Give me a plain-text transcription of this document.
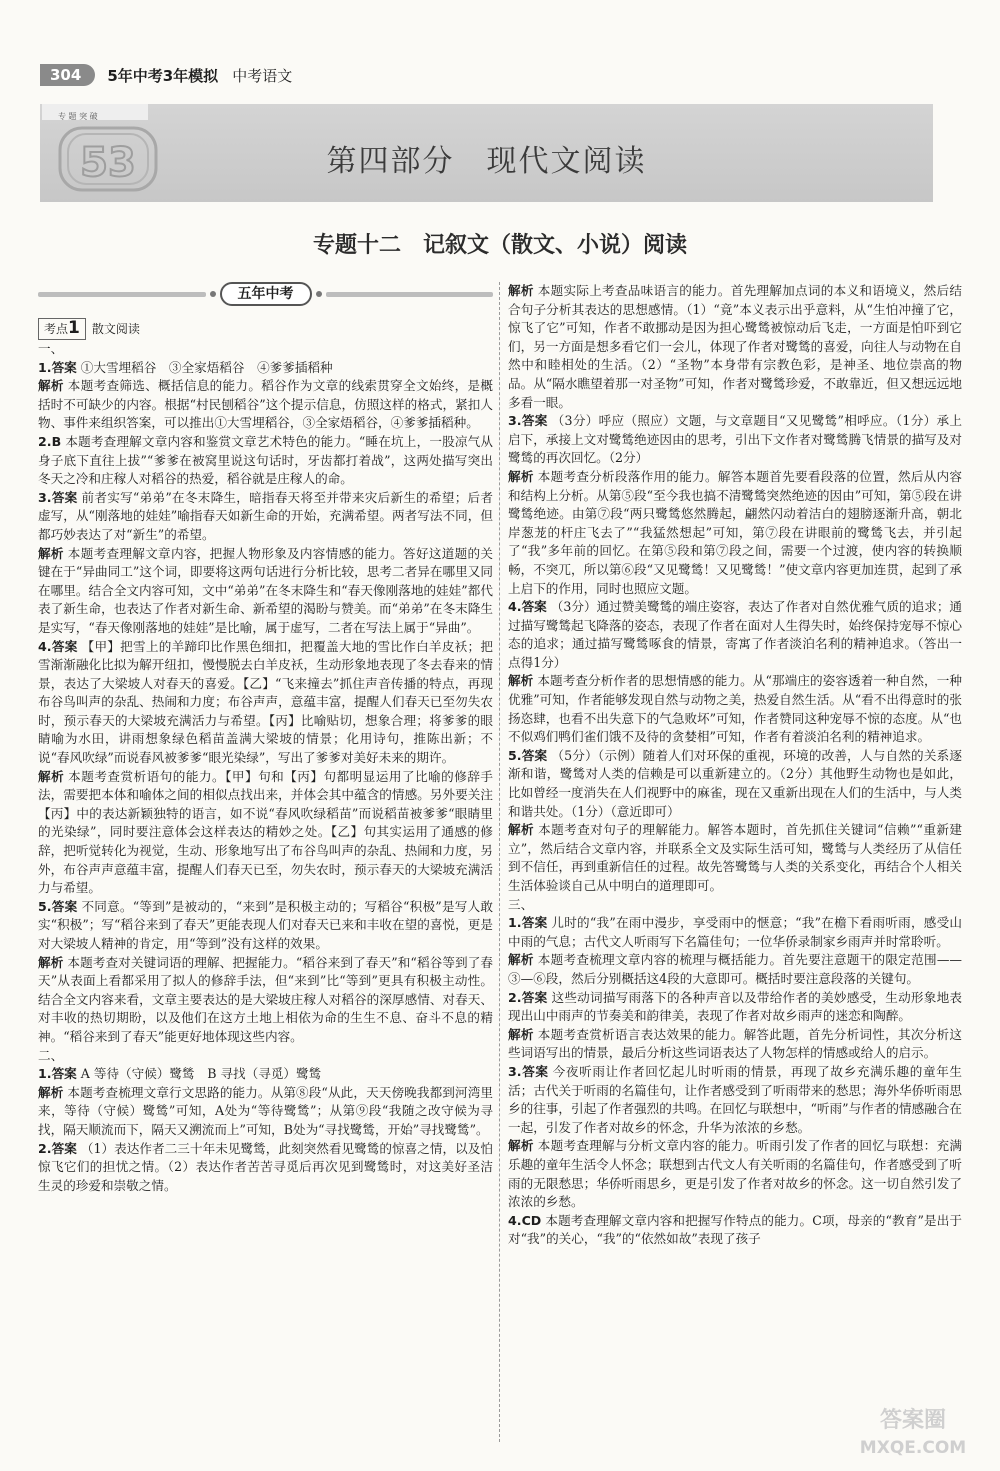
304	5年中考3年模拟 中考语文
专 题 突 破
53	第四部分　现代文阅读
专题十二　记叙文（散文、小说）阅读
五年中考
考点1	散文阅读

一、

1.答案 ①大雪埋稻谷　③全家焐稻谷　④爹爹插稻种

解析 本题考查筛选、概括信息的能力。稻谷作为文章的线索贯穿全文始终，是概括时不可缺少的内容。根据“村民刨稻谷”这个提示信息，仿照这样的格式，紧扣人物、事件来组织答案，可以推出①大雪埋稻谷，③全家焐稻谷，④爹爹插稻种。

2.B 本题考查理解文章内容和鉴赏文章艺术特色的能力。“睡在坑上，一股凉气从身子底下直往上拔”“爹爹在被窝里说这句话时，牙齿都打着战”，这两处描写突出冬天之冷和庄稼人对稻谷的热爱，稻谷就是庄稼人的命。

3.答案 前者实写“弟弟”在冬末降生，暗指春天将至并带来灾后新生的希望；后者虚写，从“刚落地的娃娃”喻指春天如新生命的开始，充满希望。两者写法不同，但都巧妙表达了对“新生”的希望。

解析 本题考查理解文章内容，把握人物形象及内容情感的能力。答好这道题的关键在于“异曲同工”这个词，即要将这两句话进行分析比较，思考二者异在哪里又同在哪里。结合全文内容可知，文中“弟弟”在冬末降生和“春天像刚落地的娃娃”都代表了新生命，也表达了作者对新生命、新希望的渴盼与赞美。而“弟弟”在冬末降生是实写，“春天像刚落地的娃娃”是比喻，属于虚写，二者在写法上属于“异曲”。

4.答案 【甲】把雪上的羊蹄印比作黑色细扣，把覆盖大地的雪比作白羊皮袄；把雪渐渐融化比拟为解开纽扣，慢慢脱去白羊皮袄，生动形象地表现了冬去春来的情景，表达了大梁坡人对春天的喜爱。【乙】“飞来撞去”抓住声音传播的特点，再现布谷鸟叫声的杂乱、热闹和力度；布谷声声，意蕴丰富，提醒人们春天已至勿失农时，预示春天的大梁坡充满活力与希望。【丙】比喻贴切，想象合理；将爹爹的眼睛喻为水田，讲雨想象绿色稻苗盖满大梁坡的情景；化用诗句，推陈出新；不说“春风吹绿”而说春风被爹爹“眼光染绿”，写出了爹爹对美好未来的期许。

解析 本题考查赏析语句的能力。【甲】句和【丙】句都明显运用了比喻的修辞手法，需要把本体和喻体之间的相似点找出来，并体会其中蕴含的情感。另外要关注【丙】中的表达新颖独特的语言，如不说“春风吹绿稻苗”而说稻苗被爹爹“眼睛里的光染绿”，同时要注意体会这样表达的精妙之处。【乙】句其实运用了通感的修辞，把听觉转化为视觉，生动、形象地写出了布谷鸟叫声的杂乱、热闹和力度，另外，布谷声声意蕴丰富，提醒人们春天已至，勿失农时，预示春天的大梁坡充满活力与希望。

5.答案 不同意。“等到”是被动的，“来到”是积极主动的；写稻谷“积极”是写人敢实“积极”；写“稻谷来到了春天”更能表现人们对春天已来和丰收在望的喜悦，更是对大梁坡人精神的肯定，用“等到”没有这样的效果。

解析 本题考查对关键词语的理解、把握能力。“稻谷来到了春天”和“稻谷等到了春天”从表面上看都采用了拟人的修辞手法，但“来到”比“等到”更具有积极主动性。结合全文内容来看，文章主要表达的是大梁坡庄稼人对稻谷的深厚感情、对春天、对丰收的热切期盼，以及他们在这方土地上相依为命的生生不息、奋斗不息的精神。“稻谷来到了春天”能更好地体现这些内容。

二、

1.答案 A 等待（守候）鹭鸶　B 寻找（寻觅）鹭鸶

解析 本题考查梳理文章行文思路的能力。从第⑧段“从此，天天傍晚我都到河湾里来，等待（守候）鹭鸶”可知，A处为“等待鹭鸶”；从第⑨段“我随之改守候为寻找，隔天顺流而下，隔天又溯流而上”可知，B处为“寻找鹭鸶，开始”寻找鹭鸶”。

2.答案 （1）表达作者二三十年未见鹭鸶，此刻突然看见鹭鸶的惊喜之情，以及怕惊飞它们的担忧之情。（2）表达作者苦苦寻觅后再次见到鹭鸶时，对这美好圣洁生灵的珍爱和崇敬之情。

解析 本题实际上考查品味语言的能力。首先理解加点词的本义和语境义，然后结合句子分析其表达的思想感情。（1）“竟”本义表示出乎意料，从“生怕冲撞了它，惊飞了它”可知，作者不敢挪动是因为担心鹭鸶被惊动后飞走，一方面是怕吓到它们，另一方面是想多看它们一会儿，体现了作者对鹭鸶的喜爱，向往人与动物在自然中和睦相处的生活。（2）“圣物”本身带有宗教色彩，是神圣、地位崇高的物品。从“隔水瞧望着那一对圣物”可知，作者对鹭鸶珍爱，不敢靠近，但又想远远地多看一眼。

3.答案 （3分）呼应（照应）文题，与文章题目“又见鹭鸶”相呼应。（1分）承上启下，承接上文对鹭鸶绝迹因由的思考，引出下文作者对鹭鸶腾飞情景的描写及对鹭鸶的再次回忆。（2分）

解析 本题考查分析段落作用的能力。解答本题首先要看段落的位置，然后从内容和结构上分析。从第⑤段“至今我也搞不清鹭鸶突然绝迹的因由”可知，第⑤段在讲鹭鸶绝迹。由第⑦段“两只鹭鸶悠然腾起，翩然闪动着洁白的翅膀逐渐升高，朝北岸葱茏的杆庄飞去了”“我猛然想起”可知，第⑦段在讲眼前的鹭鸶飞去，并引起了“我”多年前的回忆。在第⑤段和第⑦段之间，需要一个过渡，使内容的转换顺畅，不突兀，所以第⑥段“又见鹭鸶！又见鹭鸶！”使文章内容更加连贯，起到了承上启下的作用，同时也照应文题。

4.答案 （3分）通过赞美鹭鸶的端庄姿容，表达了作者对自然优雅气质的追求；通过描写鹭鸶起飞降落的姿态，表现了作者在面对人生得失时，始终保持宠辱不惊心态的追求；通过描写鹭鸶啄食的情景，寄寓了作者淡泊名利的精神追求。（答出一点得1分）

解析 本题考查分析作者的思想情感的能力。从“那端庄的姿容透着一种自然，一种优雅”可知，作者能够发现自然与动物之美，热爱自然生活。从“看不出得意时的张扬恣肆，也看不出失意下的气急败坏”可知，作者赞同这种宠辱不惊的态度。从“也不似鸡们鸭们雀们饿不及待的贪婪相”可知，作者有着淡泊名利的精神追求。

5.答案 （5分）（示例）随着人们对环保的重视，环境的改善，人与自然的关系逐渐和谐，鹭鸶对人类的信赖是可以重新建立的。（2分）其他野生动物也是如此，比如曾经一度消失在人们视野中的麻雀，现在又重新出现在人们的生活中，与人类和谐共处。（1分）（意近即可）

解析 本题考查对句子的理解能力。解答本题时，首先抓住关键词“信赖”“重新建立”，然后结合文章内容，并联系全文及实际生活可知，鹭鸶与人类经历了从信任到不信任，再到重新信任的过程。故先答鹭鸶与人类的关系变化，再结合个人相关生活体验谈自己从中明白的道理即可。

三、

1.答案 儿时的“我”在雨中漫步，享受雨中的惬意；“我”在檐下看雨听雨，感受山中雨的气息；古代文人听雨写下名篇佳句；一位华侨录制家乡雨声并时常聆听。

解析 本题考查梳理文章内容的梳理与概括能力。首先要注意题干的限定范围——③—⑥段，然后分别概括这4段的大意即可。概括时要注意段落的关键句。

2.答案 这些动词描写雨落下的各种声音以及带给作者的美妙感受，生动形象地表现出山中雨声的节奏美和韵律美，表现了作者对故乡雨声的迷恋和陶醉。

解析 本题考查赏析语言表达效果的能力。解答此题，首先分析词性，其次分析这些词语写出的情景，最后分析这些词语表达了人物怎样的情感或给人的启示。

3.答案 今夜听雨让作者回忆起儿时听雨的情景，再现了故乡充满乐趣的童年生活；古代关于听雨的名篇佳句，让作者感受到了听雨带来的愁思；海外华侨听雨思乡的往事，引起了作者强烈的共鸣。在回忆与联想中，“听雨”与作者的情感融合在一起，引发了作者对故乡的怀念，升华为浓浓的乡愁。

解析 本题考查理解与分析文章内容的能力。听雨引发了作者的回忆与联想：充满乐趣的童年生活令人怀念；联想到古代文人有关听雨的名篇佳句，作者感受到了听雨的无限愁思；华侨听雨思乡，更是引发了作者对故乡的怀念。这一切自然引发了浓浓的乡愁。

4.CD 本题考查理解文章内容和把握写作特点的能力。C项，母亲的“教育”是出于对“我”的关心，“我”的“依然如故”表现了孩子

答案圈
MXQE.COM
